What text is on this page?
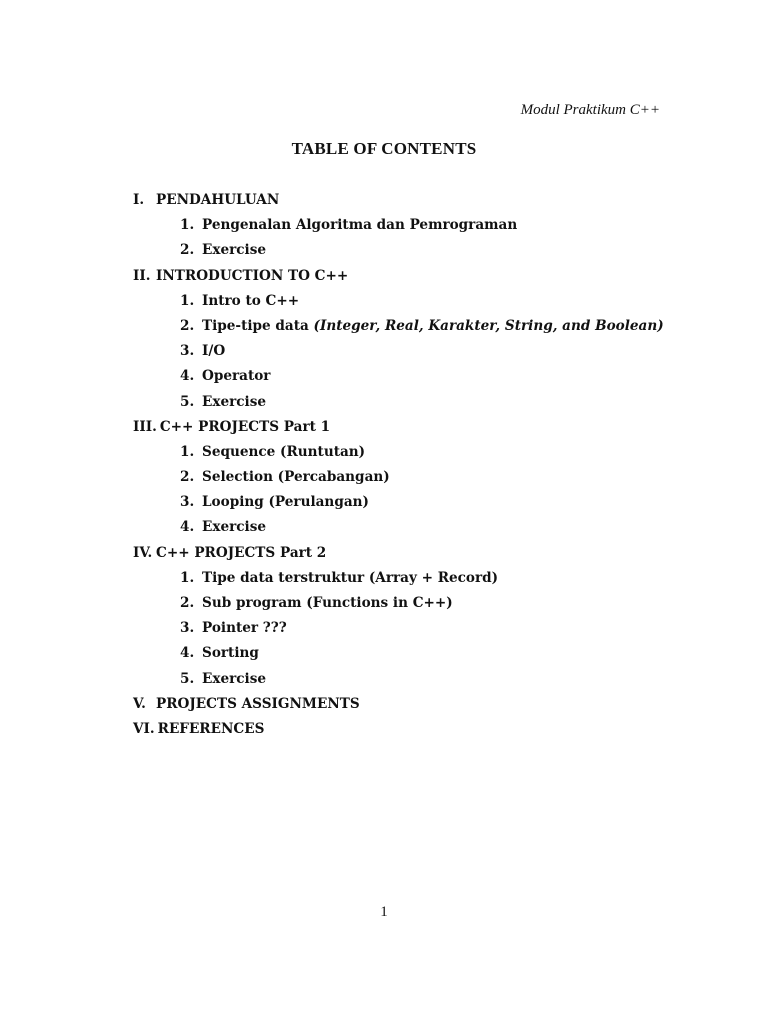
Modul Praktikum C++
TABLE OF CONTENTS
I. PENDAHULUAN
1. Pengenalan Algoritma dan Pemrograman
2. Exercise
II. INTRODUCTION TO C++
1. Intro to C++
2. Tipe-tipe data (Integer, Real, Karakter, String, and Boolean)
3. I/O
4. Operator
5. Exercise
III. C++ PROJECTS Part 1
1. Sequence (Runtutan)
2. Selection (Percabangan)
3. Looping (Perulangan)
4. Exercise
IV. C++ PROJECTS Part 2
1. Tipe data terstruktur (Array + Record)
2. Sub program (Functions in C++)
3. Pointer ???
4. Sorting
5. Exercise
V. PROJECTS ASSIGNMENTS
VI. REFERENCES
1
